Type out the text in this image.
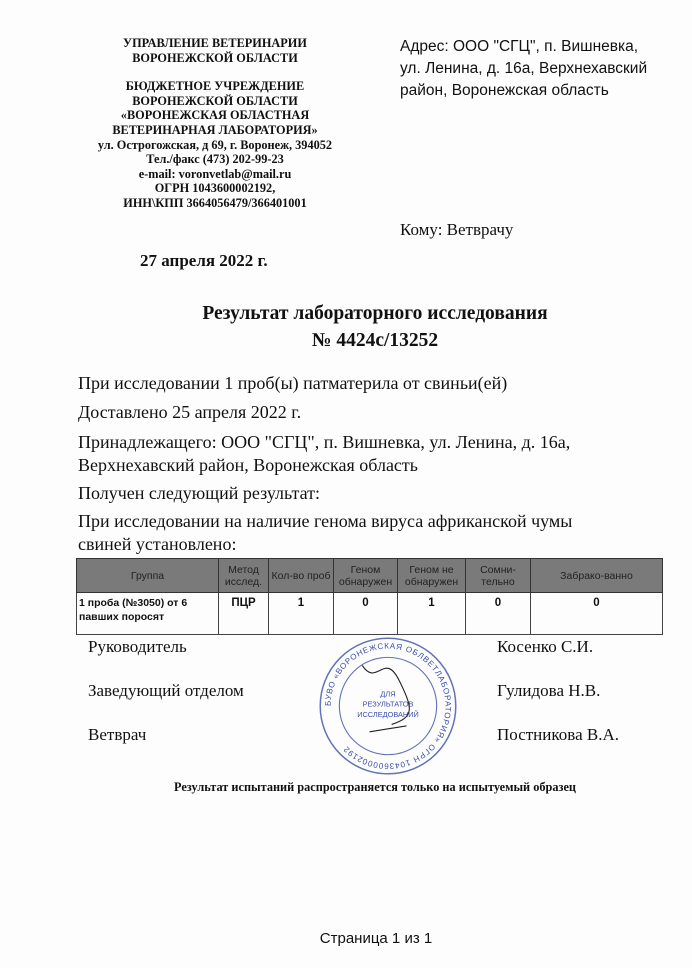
УПРАВЛЕНИЕ ВЕТЕРИНАРИИ
ВОРОНЕЖСКОЙ ОБЛАСТИ
БЮДЖЕТНОЕ УЧРЕЖДЕНИЕ
ВОРОНЕЖСКОЙ ОБЛАСТИ
«ВОРОНЕЖСКАЯ ОБЛАСТНАЯ
ВЕТЕРИНАРНАЯ ЛАБОРАТОРИЯ»
ул. Острогожская, д 69, г. Воронеж, 394052
Тел./факс (473) 202-99-23
e-mail: voronvetlab@mail.ru
ОГРН 1043600002192,
ИНН\КПП 3664056479/366401001
Адрес: ООО "СГЦ", п. Вишневка,
ул. Ленина, д. 16а, Верхнехавский
район, Воронежская область
Кому: Ветврачу
27 апреля 2022 г.
Результат лабораторного исследования
№ 4424с/13252
При исследовании 1 проб(ы) патматерила от свиньи(ей)
Доставлено 25 апреля 2022 г.
Принадлежащего: ООО "СГЦ", п. Вишневка, ул. Ленина, д. 16а,
Верхнехавский район, Воронежская область
Получен следующий результат:
При исследовании на наличие генома вируса африканской чумы
свиней установлено:
Группа	Метод исслед.	Кол-во проб	Геном обнаружен	Геном не обнаружен	Сомни-тельно	Забрако-ванно
1 проба (№3050) от 6 павших поросят	ПЦР	1	0	1	0	0
БУВО «ВОРОНЕЖСКАЯ ОБЛВЕТЛАБОРАТОРИЯ» ОГРН 1043600002192
ДЛЯ
РЕЗУЛЬТАТОВ
ИССЛЕДОВАНИЙ
Руководитель	Косенко С.И.
Заведующий отделом	Гулидова Н.В.
Ветврач	Постникова В.А.
Результат испытаний распространяется только на испытуемый образец
Страница 1 из 1
